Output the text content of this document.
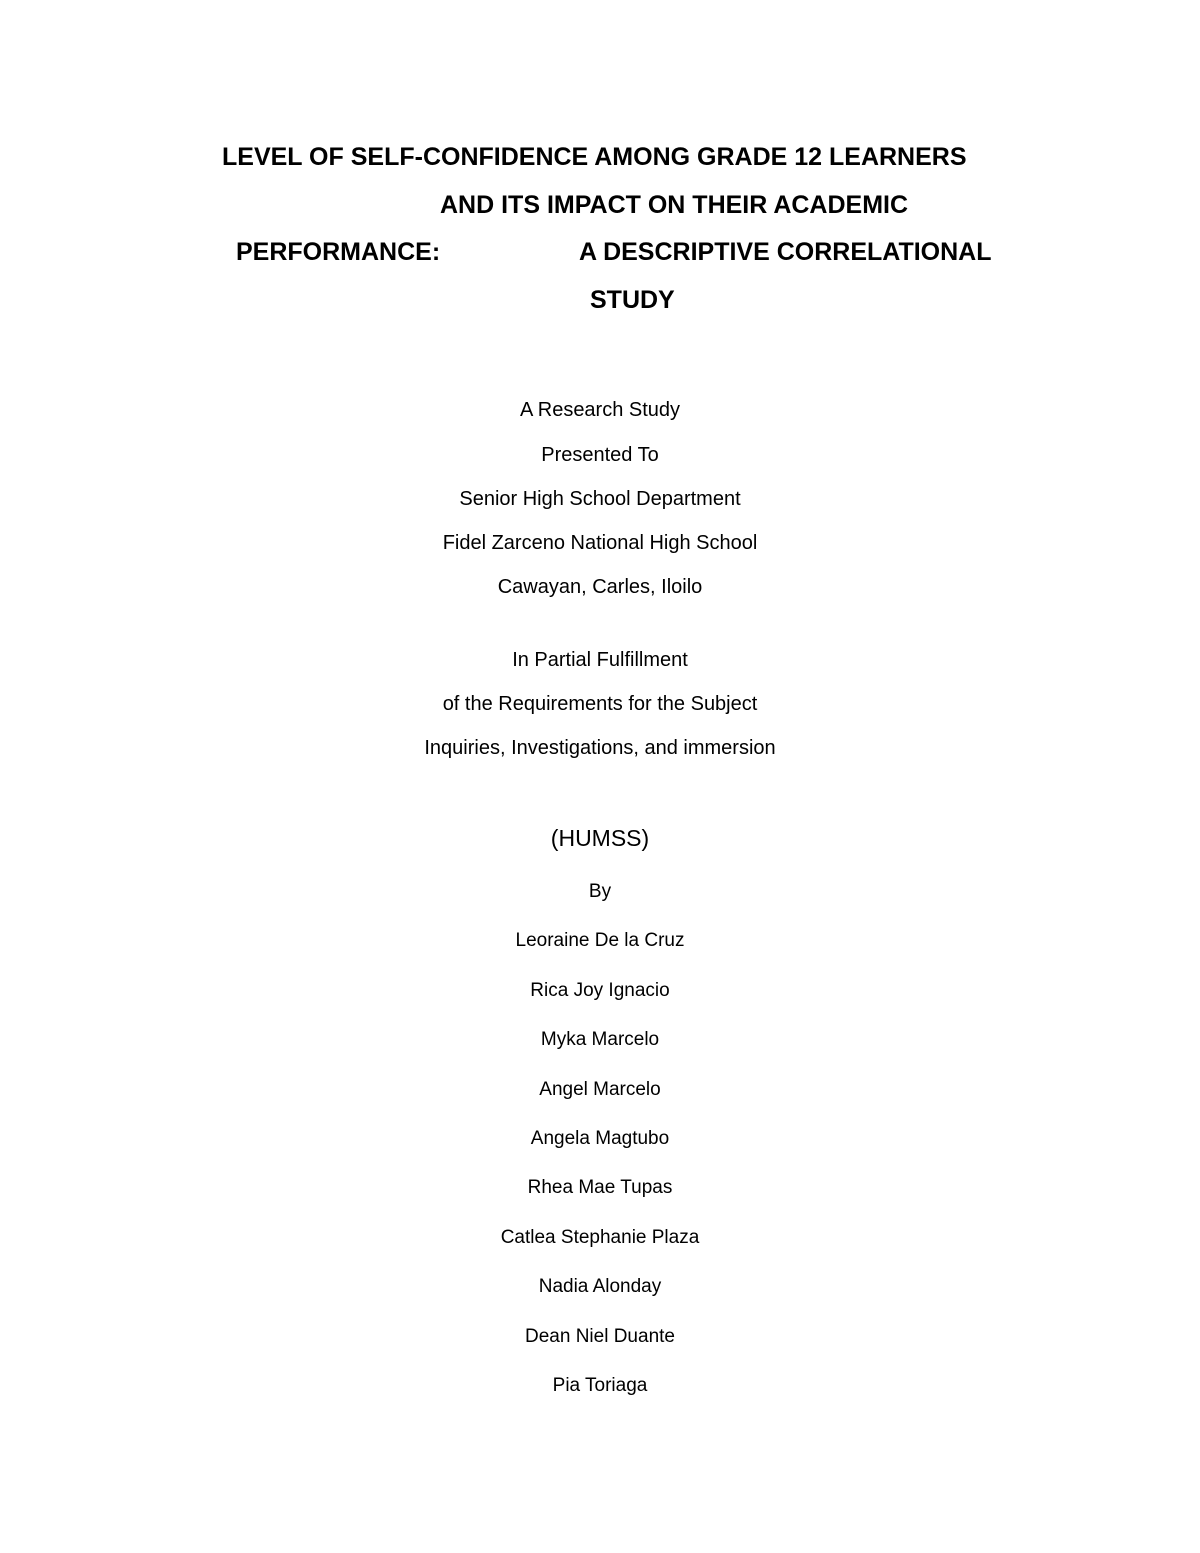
LEVEL OF SELF-CONFIDENCE AMONG GRADE 12 LEARNERS
AND ITS IMPACT ON THEIR ACADEMIC
PERFORMANCE:	A DESCRIPTIVE CORRELATIONAL
STUDY
A Research Study
Presented To
Senior High School Department
Fidel Zarceno National High School
Cawayan, Carles, Iloilo
In Partial Fulfillment
of the Requirements for the Subject
Inquiries, Investigations, and immersion
(HUMSS)
By
Leoraine De la Cruz
Rica Joy Ignacio
Myka Marcelo
Angel Marcelo
Angela Magtubo
Rhea Mae Tupas
Catlea Stephanie Plaza
Nadia Alonday
Dean Niel Duante
Pia Toriaga
